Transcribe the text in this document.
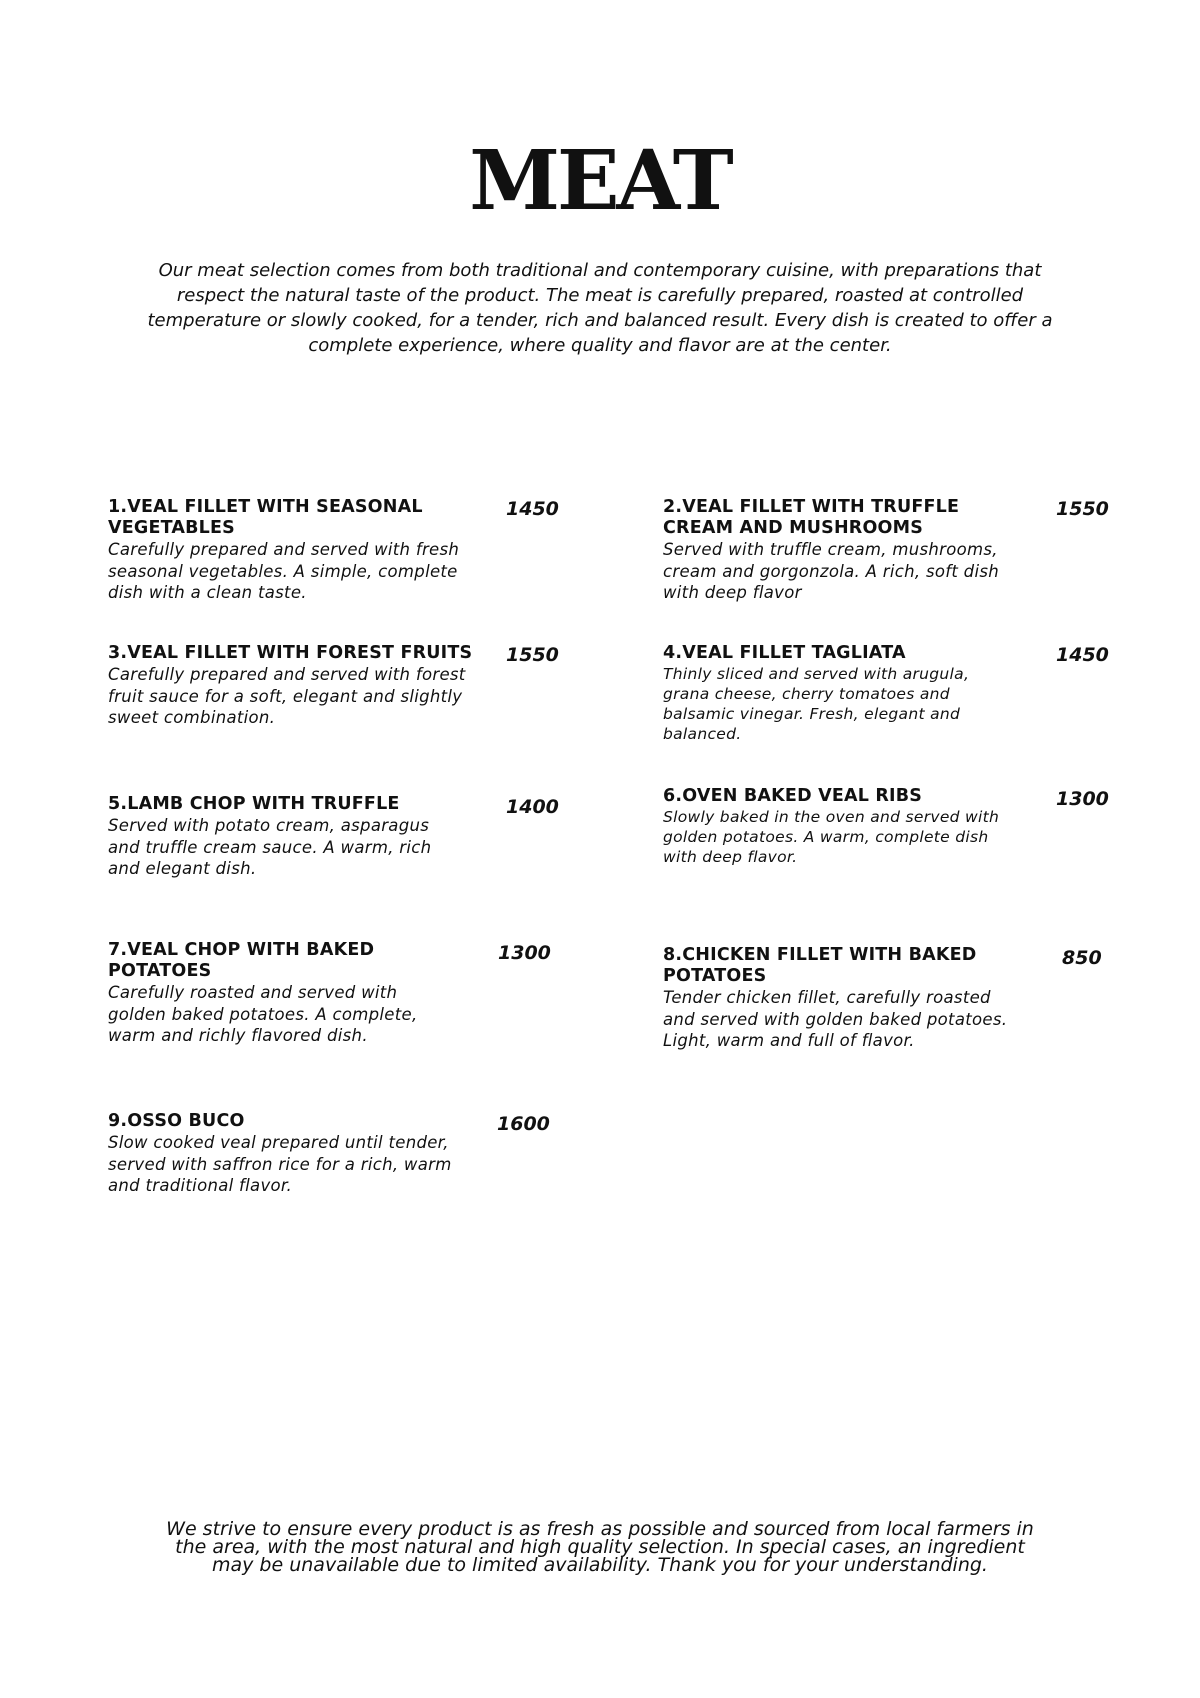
MEAT

Our meat selection comes from both traditional and contemporary cuisine, with preparations that respect the natural taste of the product. The meat is carefully prepared, roasted at controlled temperature or slowly cooked, for a tender, rich and balanced result. Every dish is created to offer a complete experience, where quality and flavor are at the center.

1.VEAL FILLET WITH SEASONAL VEGETABLES
Carefully prepared and served with fresh seasonal vegetables. A simple, complete dish with a clean taste.
1450	2.VEAL FILLET WITH TRUFFLE CREAM AND MUSHROOMS
Served with truffle cream, mushrooms, cream and gorgonzola. A rich, soft dish with deep flavor
1550
3.VEAL FILLET WITH FOREST FRUITS
Carefully prepared and served with forest fruit sauce for a soft, elegant and slightly sweet combination.
1550	4.VEAL FILLET TAGLIATA
Thinly sliced and served with arugula, grana cheese, cherry tomatoes and balsamic vinegar. Fresh, elegant and balanced.
1450
5.LAMB CHOP WITH TRUFFLE
Served with potato cream, asparagus and truffle cream sauce. A warm, rich and elegant dish.
1400	6.OVEN BAKED VEAL RIBS
Slowly baked in the oven and served with golden potatoes. A warm, complete dish with deep flavor.
1300
7.VEAL CHOP WITH BAKED POTATOES
Carefully roasted and served with golden baked potatoes. A complete, warm and richly flavored dish.
1300	8.CHICKEN FILLET WITH BAKED POTATOES
Tender chicken fillet, carefully roasted and served with golden baked potatoes. Light, warm and full of flavor.
850
9.OSSO BUCO
Slow cooked veal prepared until tender, served with saffron rice for a rich, warm and traditional flavor.
1600

We strive to ensure every product is as fresh as possible and sourced from local farmers in the area, with the most natural and high quality selection. In special cases, an ingredient may be unavailable due to limited availability. Thank you for your understanding.
